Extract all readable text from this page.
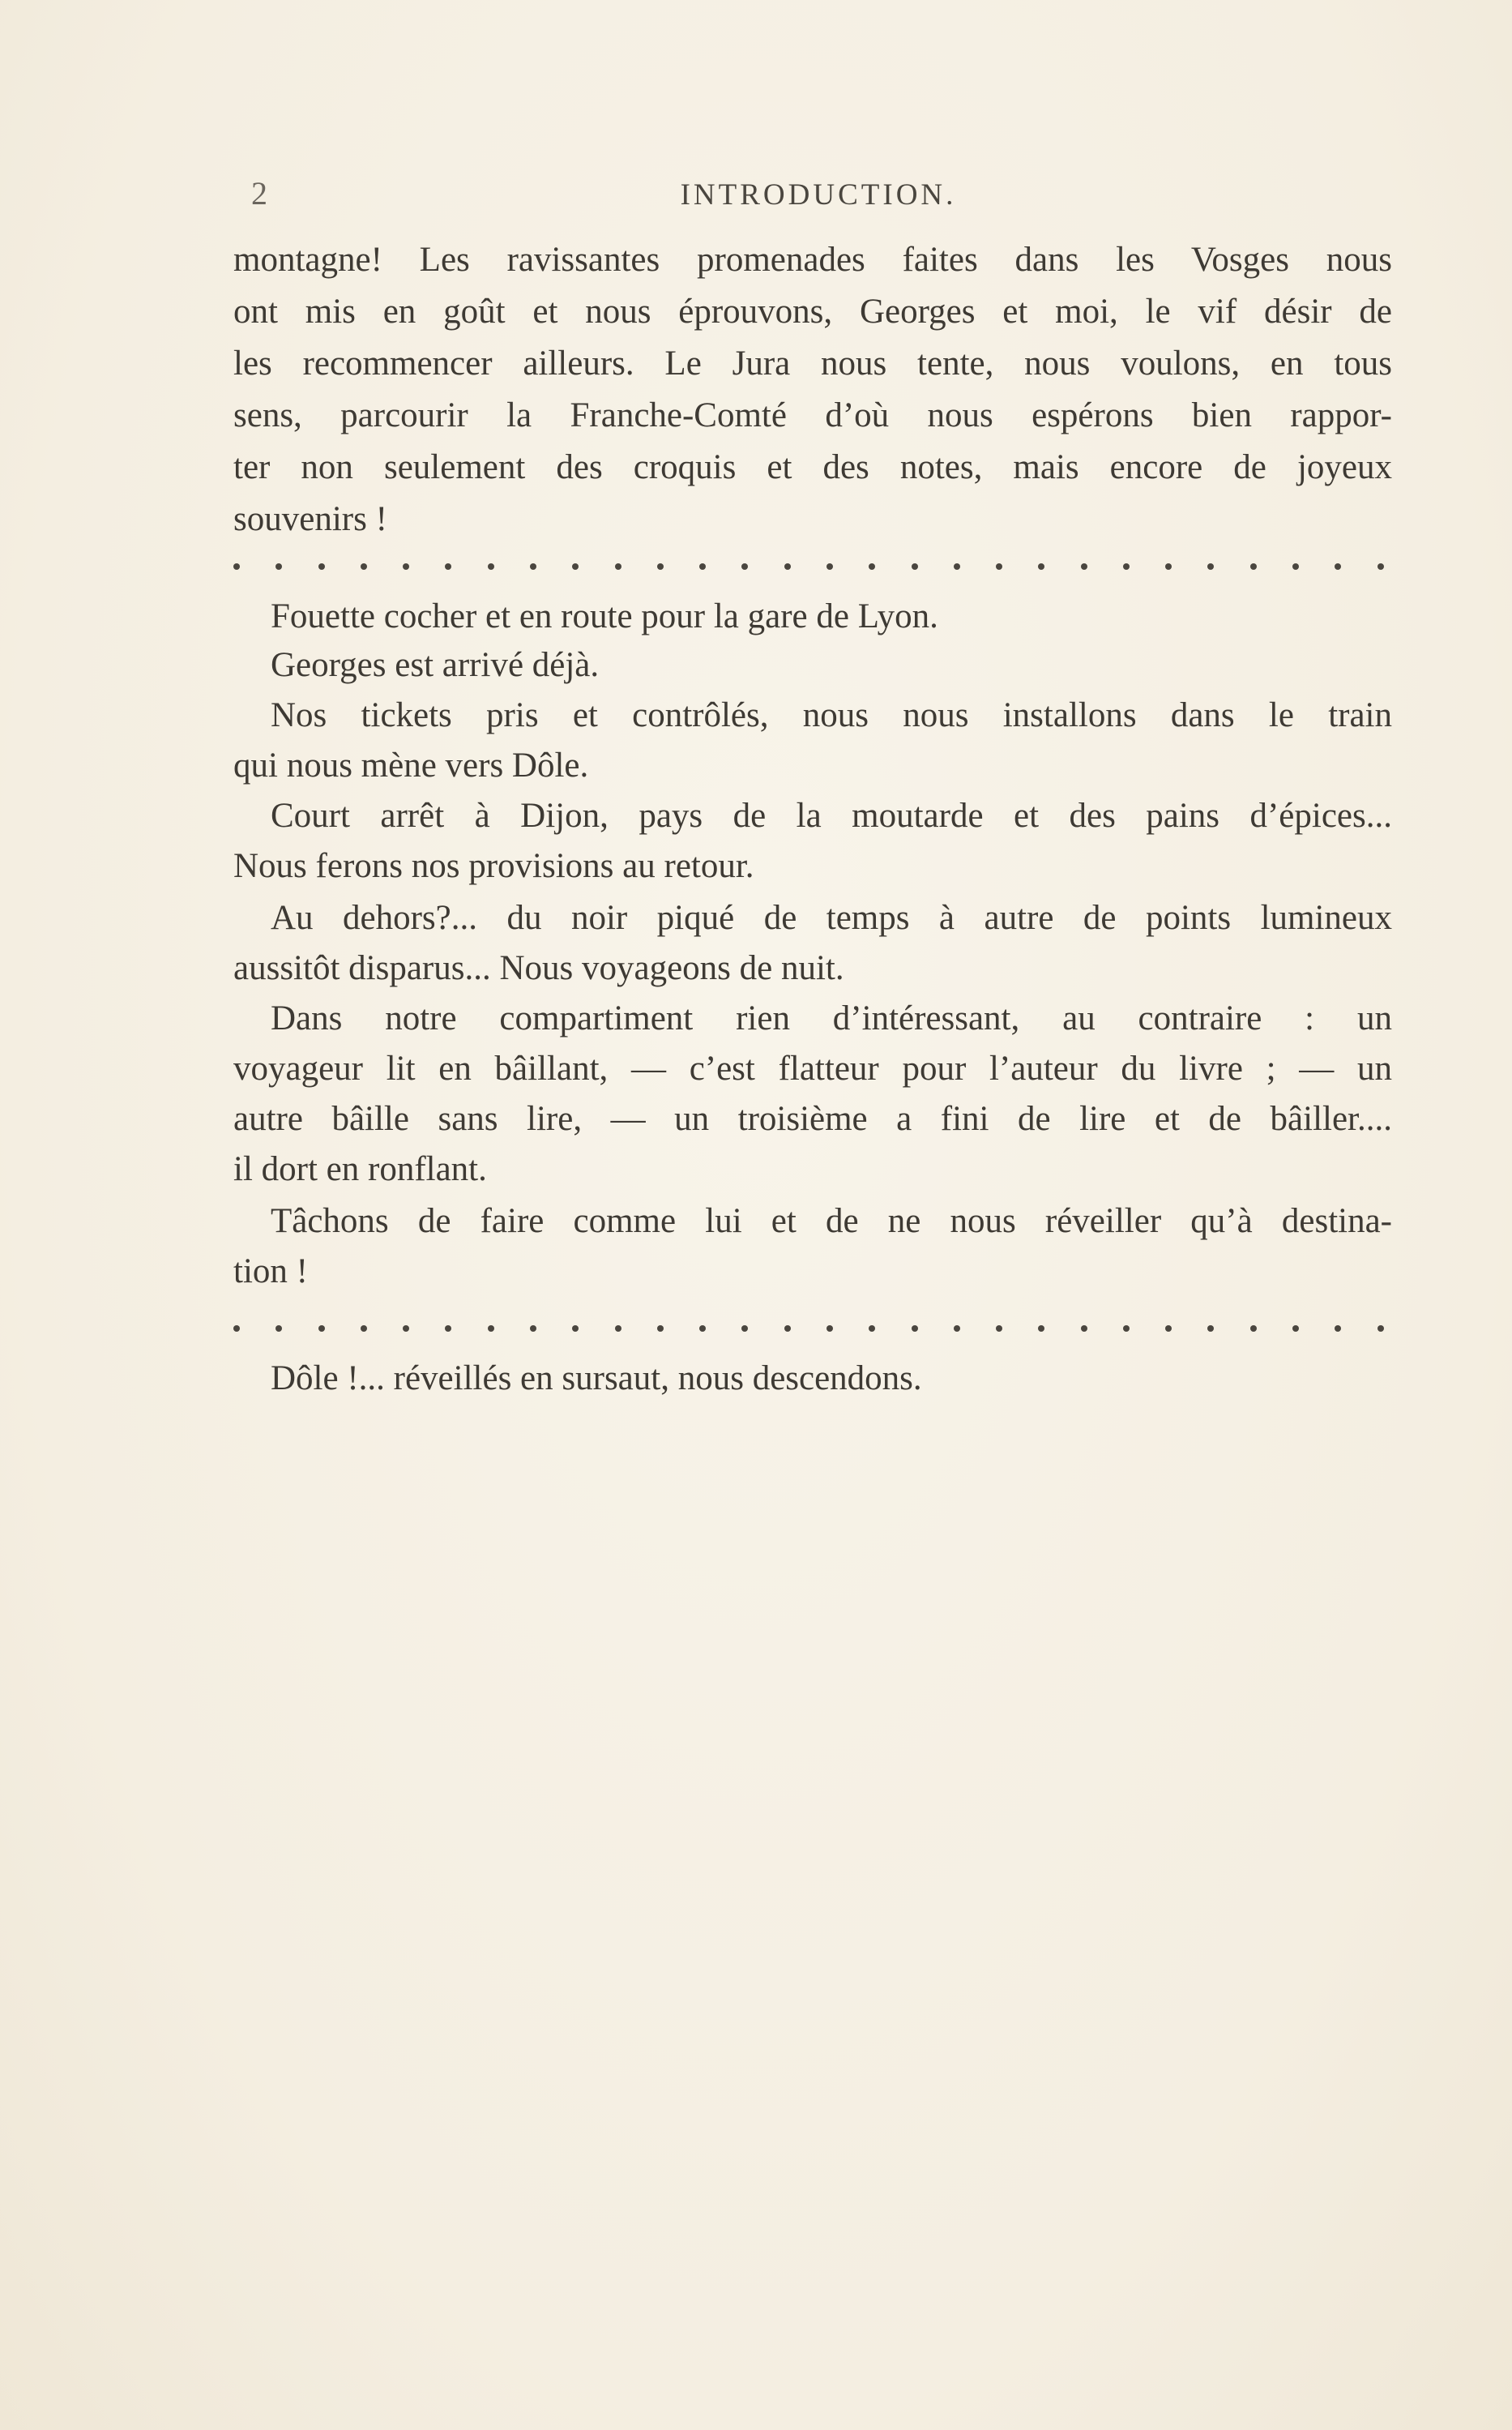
2	INTRODUCTION.
montagne! Les ravissantes promenades faites dans les Vosges nous
ont mis en goût et nous éprouvons, Georges et moi, le vif désir de
les recommencer ailleurs. Le Jura nous tente, nous voulons, en tous
sens, parcourir la Franche-Comté d’où nous espérons bien rappor-
ter non seulement des croquis et des notes, mais encore de joyeux
souvenirs !
Fouette cocher et en route pour la gare de Lyon.
Georges est arrivé déjà.
Nos tickets pris et contrôlés, nous nous installons dans le train
qui nous mène vers Dôle.
Court arrêt à Dijon, pays de la moutarde et des pains d’épices...
Nous ferons nos provisions au retour.
Au dehors?... du noir piqué de temps à autre de points lumineux
aussitôt disparus... Nous voyageons de nuit.
Dans notre compartiment rien d’intéressant, au contraire : un
voyageur lit en bâillant, — c’est flatteur pour l’auteur du livre ; — un
autre bâille sans lire, — un troisième a fini de lire et de bâiller....
il dort en ronflant.
Tâchons de faire comme lui et de ne nous réveiller qu’à destina-
tion !
Dôle !... réveillés en sursaut, nous descendons.
